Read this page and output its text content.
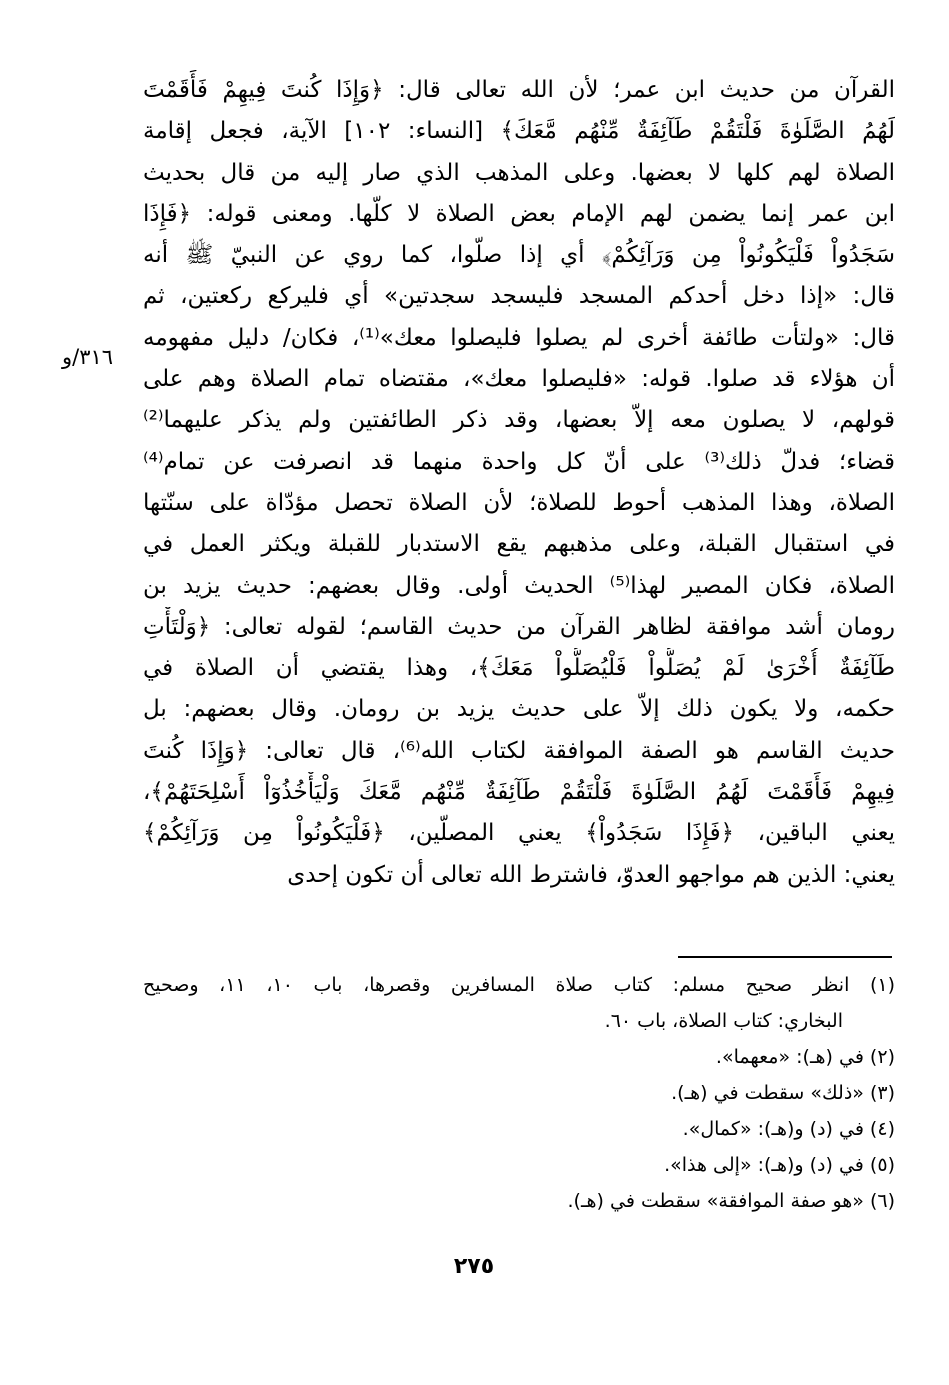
القرآن من حديث ابن عمر؛ لأن الله تعالى قال: ﴿وَإِذَا كُنتَ فِيهِمْ فَأَقَمْتَ
لَهُمُ الصَّلَوٰةَ فَلْتَقُمْ طَآئِفَةٌ مِّنْهُم مَّعَكَ﴾ [النساء: ١٠٢] الآية، فجعل إقامة
الصلاة لهم كلها لا بعضها. وعلى المذهب الذي صار إليه من قال بحديث
ابن عمر إنما يضمن لهم الإمام بعض الصلاة لا كلّها. ومعنى قوله: ﴿فَإِذَا
سَجَدُواْ فَلْيَكُونُواْ مِن وَرَآئِكُمْ﴾ أي إذا صلّوا، كما روي عن النبيّ ﷺ أنه
قال: «إذا دخل أحدكم المسجد فليسجد سجدتين» أي فليركع ركعتين، ثم
قال: «ولتأت طائفة أخرى لم يصلوا فليصلوا معك»⁽¹⁾، فكان/ دليل مفهومه
أن هؤلاء قد صلوا. قوله: «فليصلوا معك»، مقتضاه تمام الصلاة وهم على
قولهم، لا يصلون معه إلاّ بعضها، وقد ذكر الطائفتين ولم يذكر عليهما⁽²⁾
قضاء؛ فدلّ ذلك⁽³⁾ على أنّ كل واحدة منهما قد انصرفت عن تمام⁽⁴⁾
الصلاة، وهذا المذهب أحوط للصلاة؛ لأن الصلاة تحصل مؤدّاة على سنّتها
في استقبال القبلة، وعلى مذهبهم يقع الاستدبار للقبلة ويكثر العمل في
الصلاة، فكان المصير لهذا⁽⁵⁾ الحديث أولى. وقال بعضهم: حديث يزيد بن
رومان أشد موافقة لظاهر القرآن من حديث القاسم؛ لقوله تعالى: ﴿وَلْتَأْتِ
طَآئِفَةٌ أُخْرَىٰ لَمْ يُصَلُّواْ فَلْيُصَلُّواْ مَعَكَ﴾، وهذا يقتضي أن الصلاة في
حكمه، ولا يكون ذلك إلاّ على حديث يزيد بن رومان. وقال بعضهم: بل
حديث القاسم هو الصفة الموافقة لكتاب الله⁽⁶⁾، قال تعالى: ﴿وَإِذَا كُنتَ
فِيهِمْ فَأَقَمْتَ لَهُمُ الصَّلَوٰةَ فَلْتَقُمْ طَآئِفَةٌ مِّنْهُم مَّعَكَ وَلْيَأْخُذُوٓاْ أَسْلِحَتَهُمْ﴾،
يعني الباقين، ﴿فَإِذَا سَجَدُواْ﴾ يعني المصلّين، ﴿فَلْيَكُونُواْ مِن وَرَآئِكُمْ﴾
يعني: الذين هم مواجهو العدوّ، فاشترط الله تعالى أن تكون إحدى
٣١٦/و
(١) انظر صحيح مسلم: كتاب صلاة المسافرين وقصرها، باب ١٠، ١١، وصحيح
البخاري: كتاب الصلاة، باب ٦٠.
(٢) في (هـ): «معهما».
(٣) «ذلك» سقطت في (هـ).
(٤) في (د) و(هـ): «كمال».
(٥) في (د) و(هـ): «إلى هذا».
(٦) «هو صفة الموافقة» سقطت في (هـ).
٢٧٥
